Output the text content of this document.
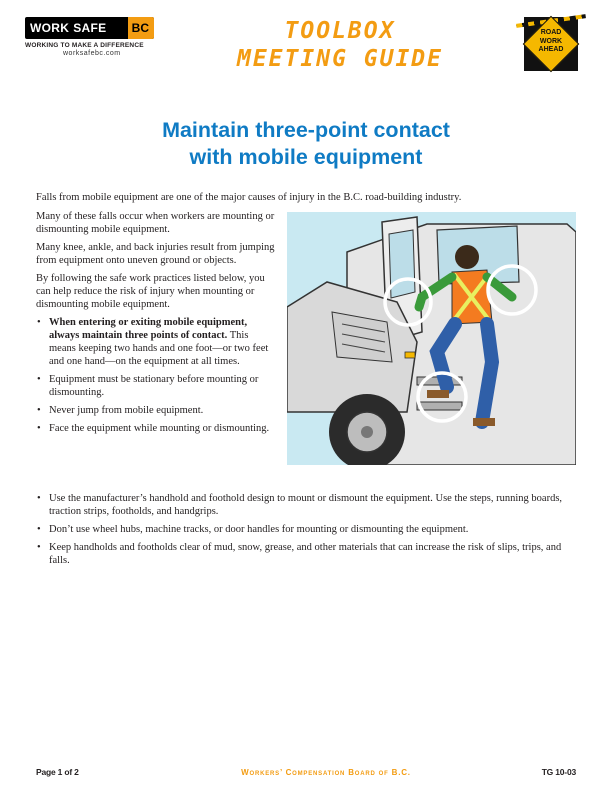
WORK SAFE	BC
WORKING TO MAKE A DIFFERENCE
worksafebc.com
TOOLBOX
MEETING GUIDE
ROAD
WORK
AHEAD
Maintain three-point contact
with mobile equipment

Falls from mobile equipment are one of the major causes of injury in the B.C. road-building industry.

Many of these falls occur when workers are mounting or dismounting mobile equipment.

Many knee, ankle, and back injuries result from jumping from equipment onto uneven ground or objects.

By following the safe work practices listed below, you can help reduce the risk of injury when mounting or dismounting mobile equipment.

• When entering or exiting mobile equipment, always maintain three points of contact. This means keeping two hands and one foot—or two feet and one hand—on the equipment at all times.
• Equipment must be stationary before mounting or dismounting.
• Never jump from mobile equipment.
• Face the equipment while mounting or dismounting.
• Use the manufacturer’s handhold and foothold design to mount or dismount the equipment. Use the steps, running boards, traction strips, footholds, and handgrips.
• Don’t use wheel hubs, machine tracks, or door handles for mounting or dismounting the equipment.
• Keep handholds and footholds clear of mud, snow, grease, and other materials that can increase the risk of slips, trips, and falls.
Page 1 of 2	Workers’ Compensation Board of B.C.	TG 10-03
